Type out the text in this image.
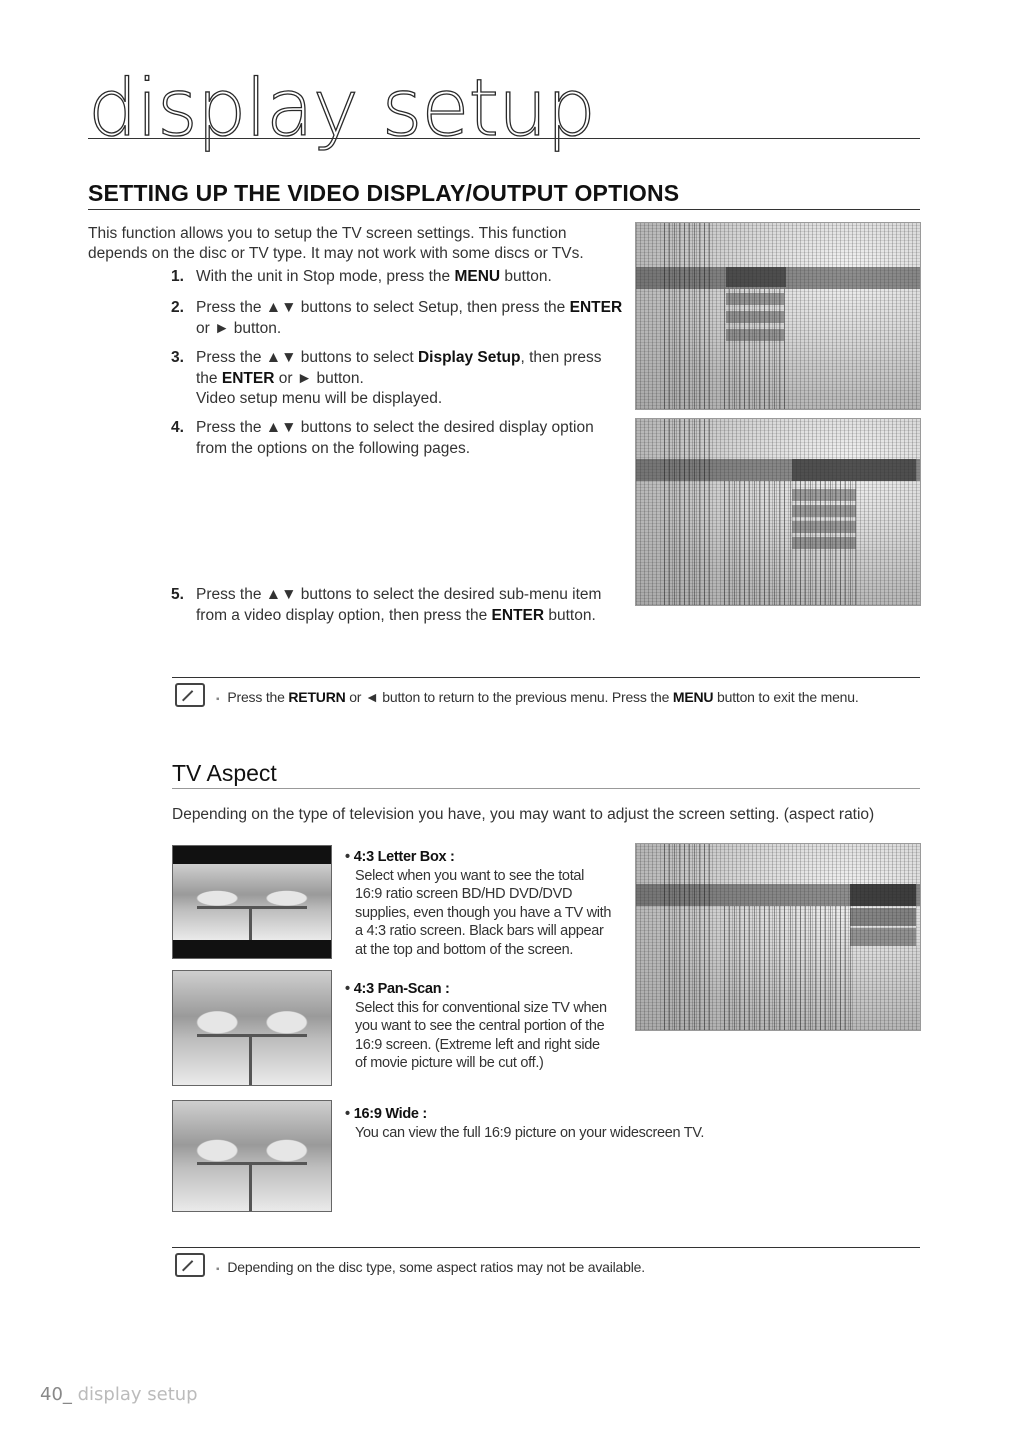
display setup
SETTING UP THE VIDEO DISPLAY/OUTPUT OPTIONS
This function allows you to setup the TV screen settings. This function depends on the disc or TV type. It may not work with some discs or TVs.
1. With the unit in Stop mode, press the MENU button.
2. Press the ▲▼ buttons to select Setup, then press the ENTER or ► button.
3. Press the ▲▼ buttons to select Display Setup, then press the ENTER or ► button.
Video setup menu will be displayed.
4. Press the ▲▼ buttons to select the desired display option from the options on the following pages.
5. Press the ▲▼ buttons to select the desired sub-menu item from a video display option, then press the ENTER button.
▪ Press the RETURN or ◄ button to return to the previous menu. Press the MENU button to exit the menu.
TV Aspect
Depending on the type of television you have, you may want to adjust the screen setting. (aspect ratio)
• 4:3 Letter Box :
Select when you want to see the total
16:9 ratio screen BD/HD DVD/DVD
supplies, even though you have a TV with
a 4:3 ratio screen. Black bars will appear
at the top and bottom of the screen.
• 4:3 Pan-Scan :
Select this for conventional size TV when
you want to see the central portion of the
16:9 screen. (Extreme left and right side
of movie picture will be cut off.)
• 16:9 Wide :
You can view the full 16:9 picture on your widescreen TV.
▪ Depending on the disc type, some aspect ratios may not be available.
40_ display setup
